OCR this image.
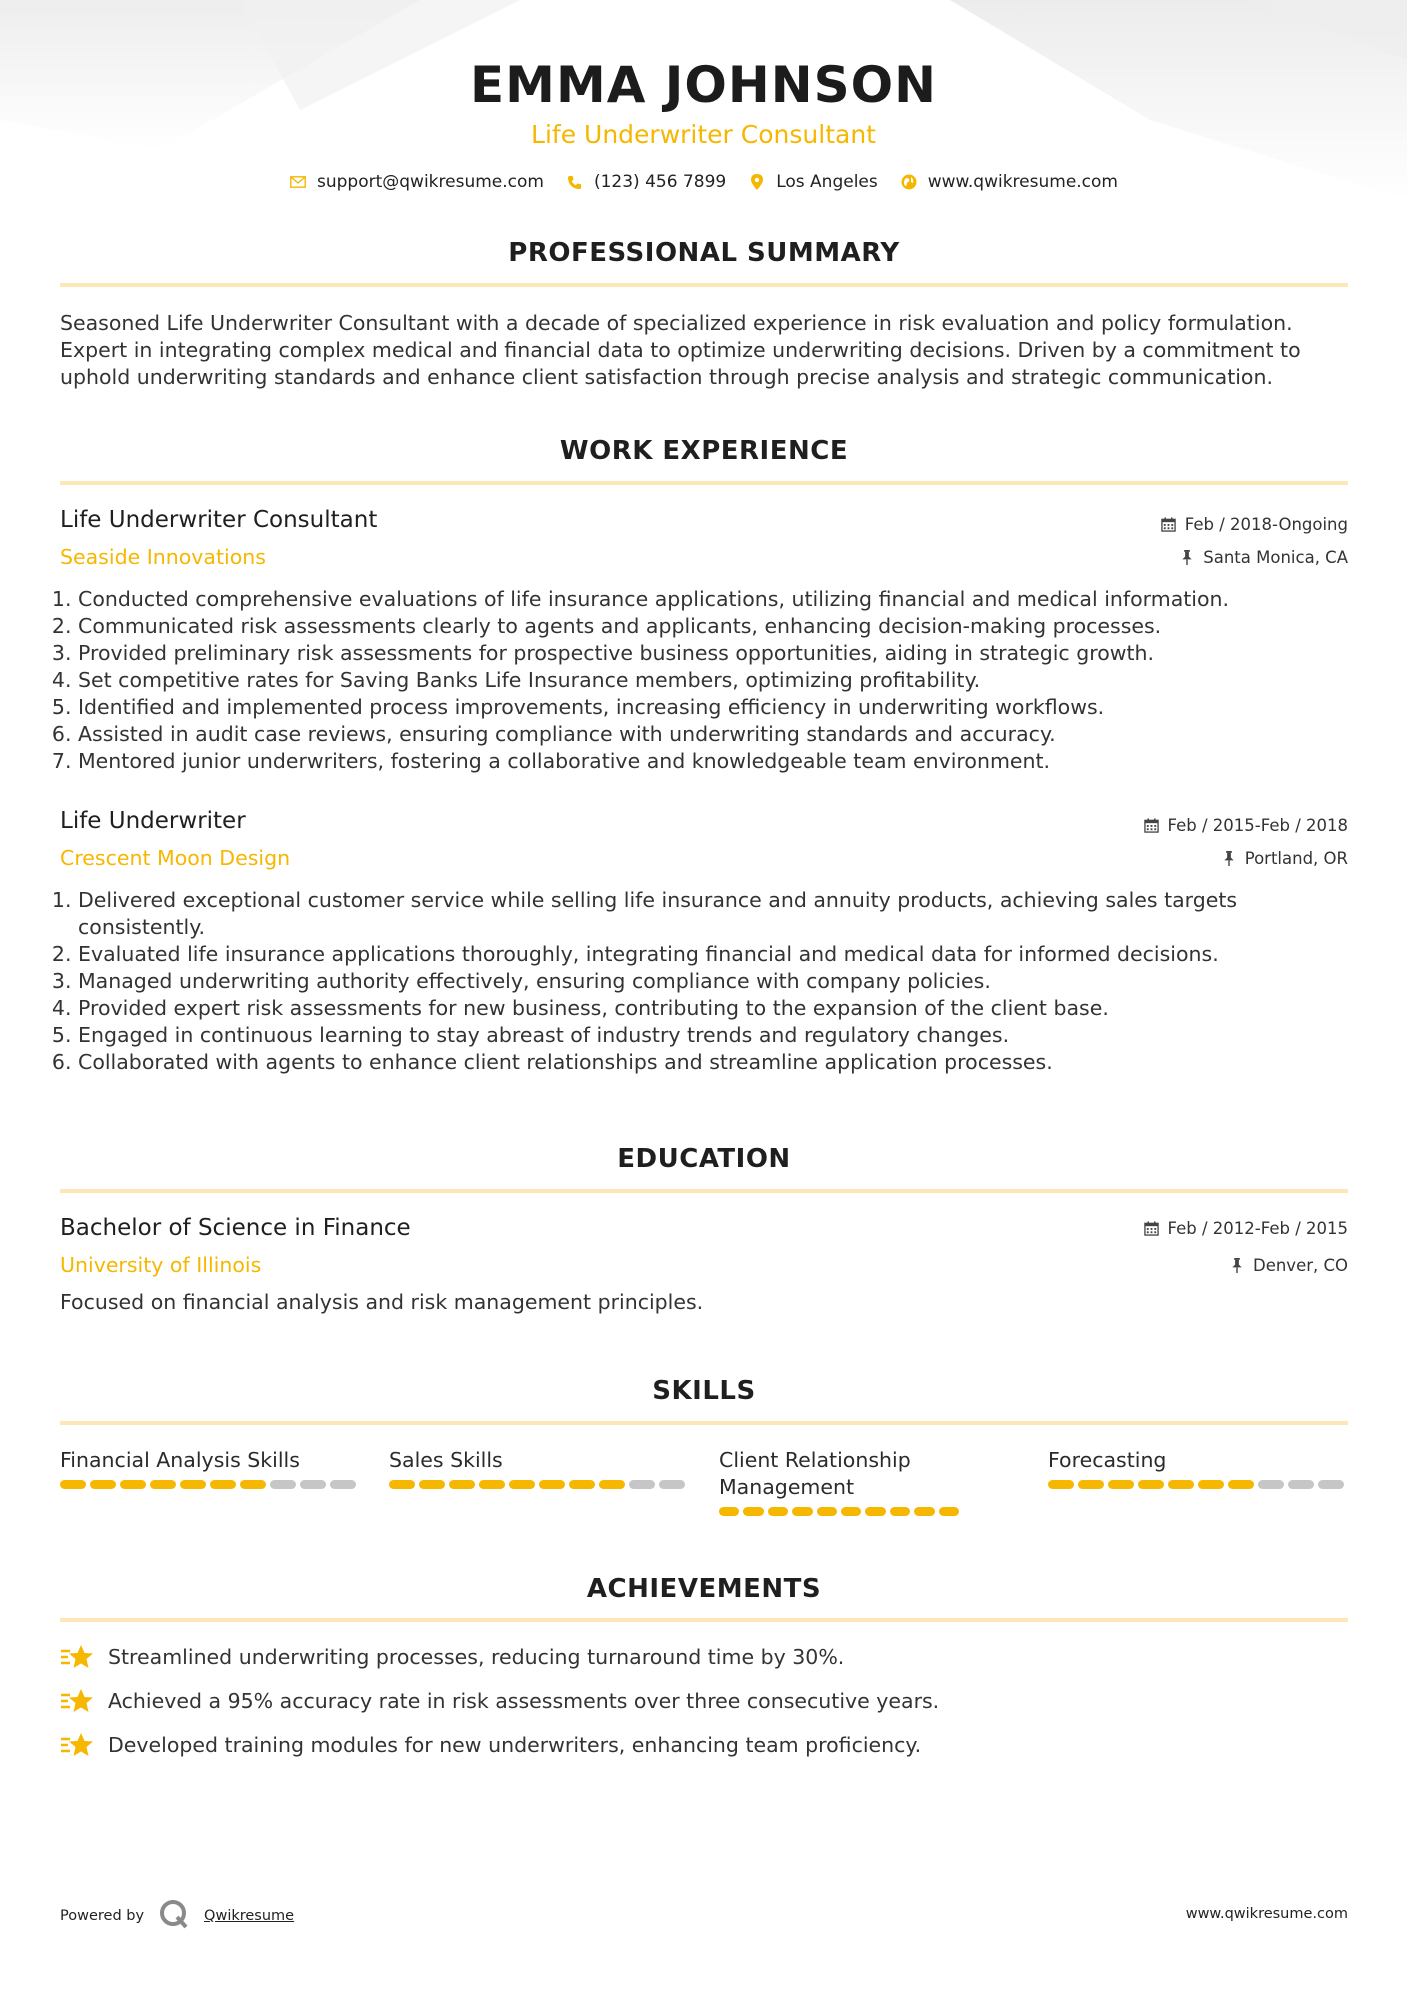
EMMA JOHNSON
Life Underwriter Consultant
support@qwikresume.com	(123) 456 7899	Los Angeles	www.qwikresume.com
PROFESSIONAL SUMMARY
Seasoned Life Underwriter Consultant with a decade of specialized experience in risk evaluation and policy formulation. Expert in integrating complex medical and financial data to optimize underwriting decisions. Driven by a commitment to uphold underwriting standards and enhance client satisfaction through precise analysis and strategic communication.
WORK EXPERIENCE
Life Underwriter Consultant	Feb / 2018-Ongoing
Seaside Innovations	Santa Monica, CA
1. Conducted comprehensive evaluations of life insurance applications, utilizing financial and medical information.
2. Communicated risk assessments clearly to agents and applicants, enhancing decision-making processes.
3. Provided preliminary risk assessments for prospective business opportunities, aiding in strategic growth.
4. Set competitive rates for Saving Banks Life Insurance members, optimizing profitability.
5. Identified and implemented process improvements, increasing efficiency in underwriting workflows.
6. Assisted in audit case reviews, ensuring compliance with underwriting standards and accuracy.
7. Mentored junior underwriters, fostering a collaborative and knowledgeable team environment.
Life Underwriter	Feb / 2015-Feb / 2018
Crescent Moon Design	Portland, OR
1. Delivered exceptional customer service while selling life insurance and annuity products, achieving sales targets consistently.
2. Evaluated life insurance applications thoroughly, integrating financial and medical data for informed decisions.
3. Managed underwriting authority effectively, ensuring compliance with company policies.
4. Provided expert risk assessments for new business, contributing to the expansion of the client base.
5. Engaged in continuous learning to stay abreast of industry trends and regulatory changes.
6. Collaborated with agents to enhance client relationships and streamline application processes.
EDUCATION
Bachelor of Science in Finance	Feb / 2012-Feb / 2015
University of Illinois	Denver, CO
Focused on financial analysis and risk management principles.
SKILLS
Financial Analysis Skills	Sales Skills	Client Relationship Management
Forecasting
ACHIEVEMENTS
Streamlined underwriting processes, reducing turnaround time by 30%.
Achieved a 95% accuracy rate in risk assessments over three consecutive years.
Developed training modules for new underwriters, enhancing team proficiency.
Powered by	Qwikresume	www.qwikresume.com
